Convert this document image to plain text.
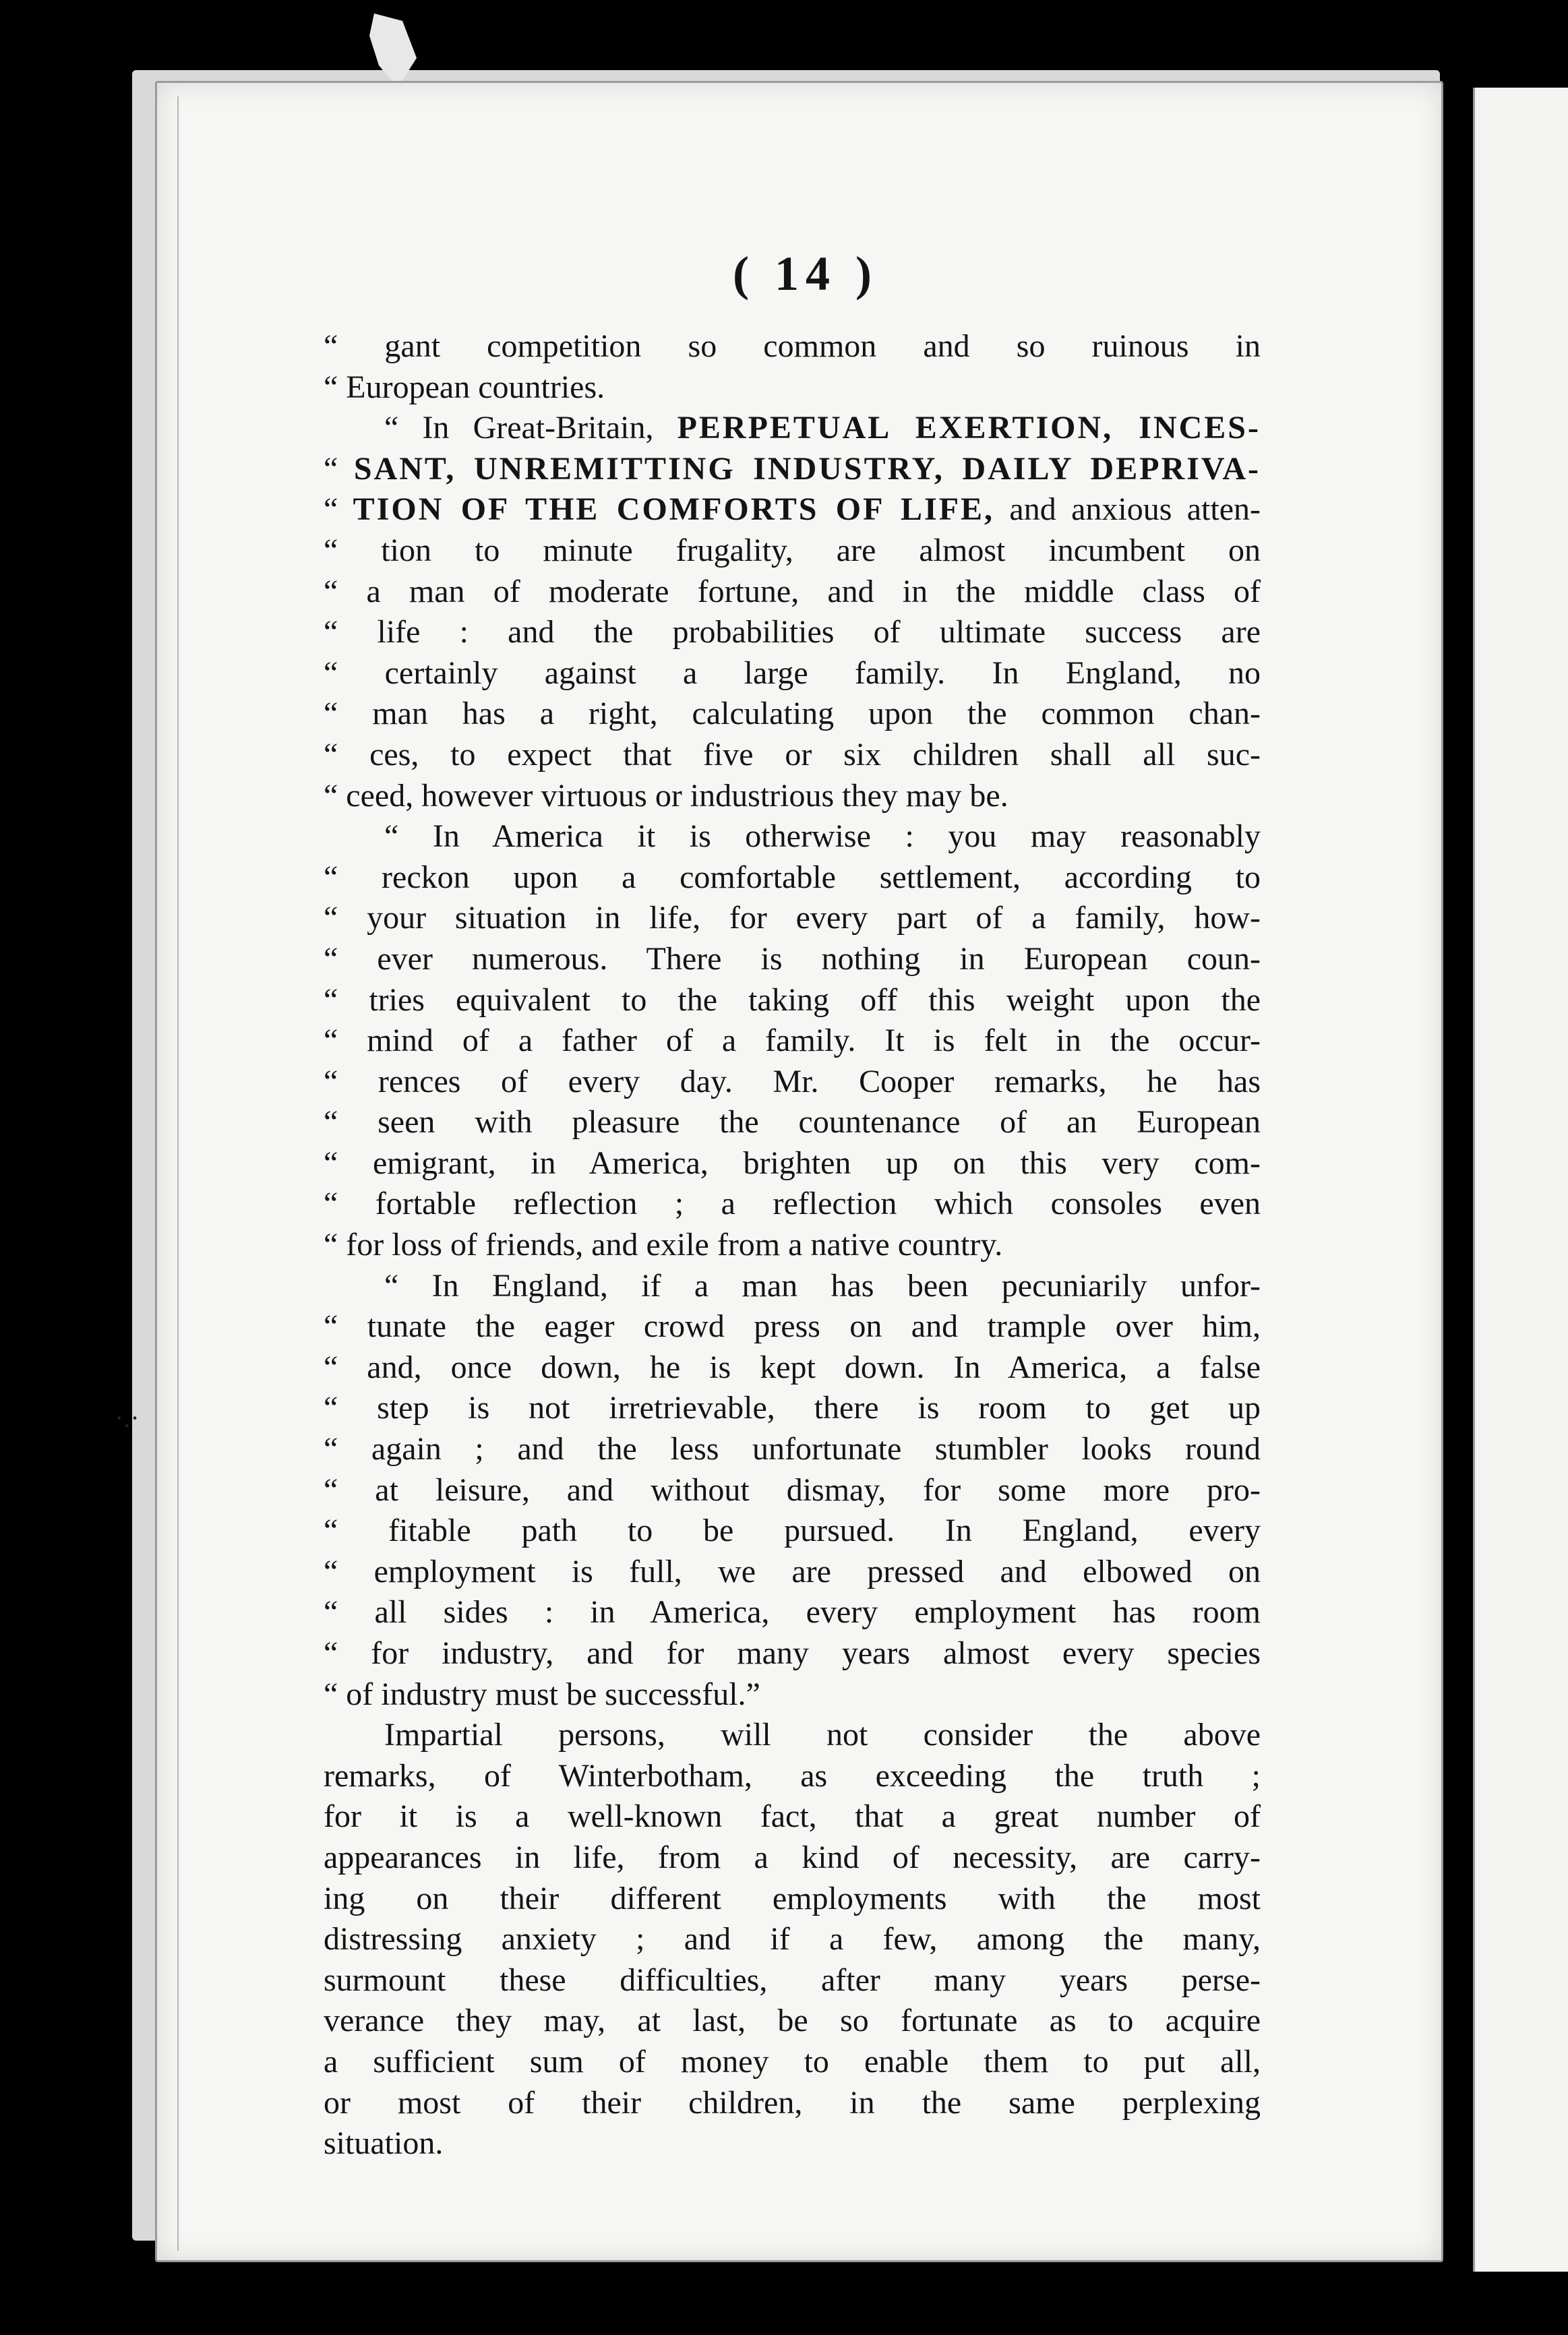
·.·
( 14 )
“ gant competition so common and so ruinous in
“ European countries.
“ In Great-Britain, PERPETUAL EXERTION, INCES-
“ SANT, UNREMITTING INDUSTRY, DAILY DEPRIVA-
“ TION OF THE COMFORTS OF LIFE, and anxious atten-
“ tion to minute frugality, are almost incumbent on
“ a man of moderate fortune, and in the middle class of
“ life : and the probabilities of ultimate success are
“ certainly against a large family. In England, no
“ man has a right, calculating upon the common chan-
“ ces, to expect that five or six children shall all suc-
“ ceed, however virtuous or industrious they may be.
“ In America it is otherwise : you may reasonably
“ reckon upon a comfortable settlement, according to
“ your situation in life, for every part of a family, how-
“ ever numerous. There is nothing in European coun-
“ tries equivalent to the taking off this weight upon the
“ mind of a father of a family. It is felt in the occur-
“ rences of every day. Mr. Cooper remarks, he has
“ seen with pleasure the countenance of an European
“ emigrant, in America, brighten up on this very com-
“ fortable reflection ; a reflection which consoles even
“ for loss of friends, and exile from a native country.
“ In England, if a man has been pecuniarily unfor-
“ tunate the eager crowd press on and trample over him,
“ and, once down, he is kept down. In America, a false
“ step is not irretrievable, there is room to get up
“ again ; and the less unfortunate stumbler looks round
“ at leisure, and without dismay, for some more pro-
“ fitable path to be pursued. In England, every
“ employment is full, we are pressed and elbowed on
“ all sides : in America, every employment has room
“ for industry, and for many years almost every species
“ of industry must be successful.”
Impartial persons, will not consider the above
remarks, of Winterbotham, as exceeding the truth ;
for it is a well-known fact, that a great number of
appearances in life, from a kind of necessity, are carry-
ing on their different employments with the most
distressing anxiety ; and if a few, among the many,
surmount these difficulties, after many years perse-
verance they may, at last, be so fortunate as to acquire
a sufficient sum of money to enable them to put all,
or most of their children, in the same perplexing
situation.
